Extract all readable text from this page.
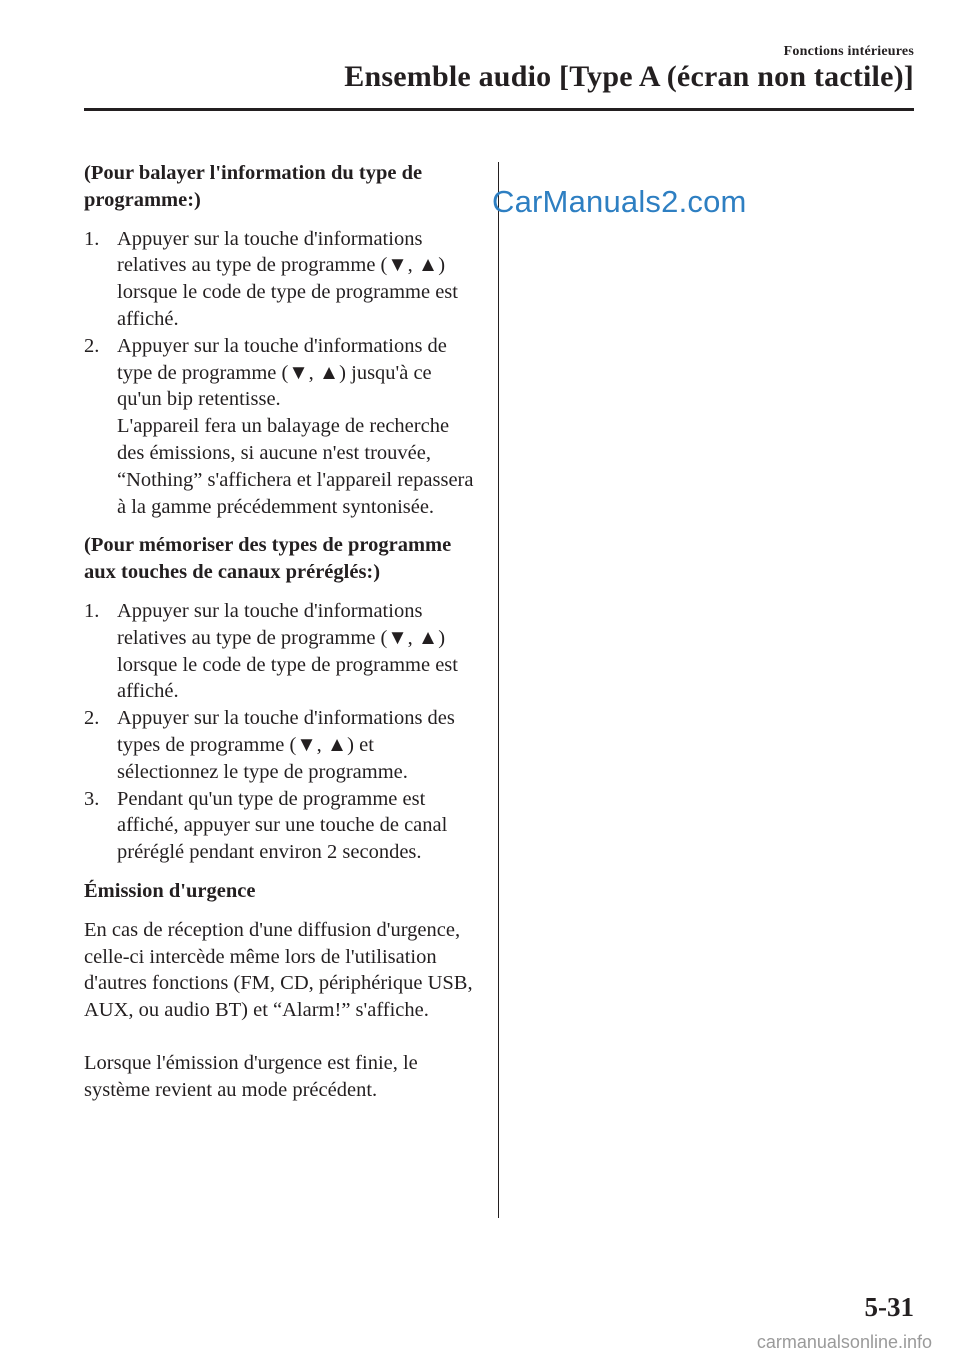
Fonctions intérieures
Ensemble audio [Type A (écran non tactile)]
CarManuals2.com

(Pour balayer l'information du type de programme:)

1. Appuyer sur la touche d'informations relatives au type de programme (▼, ▲) lorsque le code de type de programme est affiché.

2. Appuyer sur la touche d'informations de type de programme (▼, ▲) jusqu'à ce qu'un bip retentisse.

L'appareil fera un balayage de recherche des émissions, si aucune n'est trouvée, “Nothing” s'affichera et l'appareil repassera à la gamme précédemment syntonisée.

(Pour mémoriser des types de programme aux touches de canaux préréglés:)

1. Appuyer sur la touche d'informations relatives au type de programme (▼, ▲) lorsque le code de type de programme est affiché.

2. Appuyer sur la touche d'informations des types de programme (▼, ▲) et sélectionnez le type de programme.

3. Pendant qu'un type de programme est affiché, appuyer sur une touche de canal préréglé pendant environ 2 secondes.

Émission d'urgence

En cas de réception d'une diffusion d'urgence, celle-ci intercède même lors de l'utilisation d'autres fonctions (FM, CD, périphérique USB, AUX, ou audio BT) et “Alarm!” s'affiche.

Lorsque l'émission d'urgence est finie, le système revient au mode précédent.

5-31
carmanualsonline.info
